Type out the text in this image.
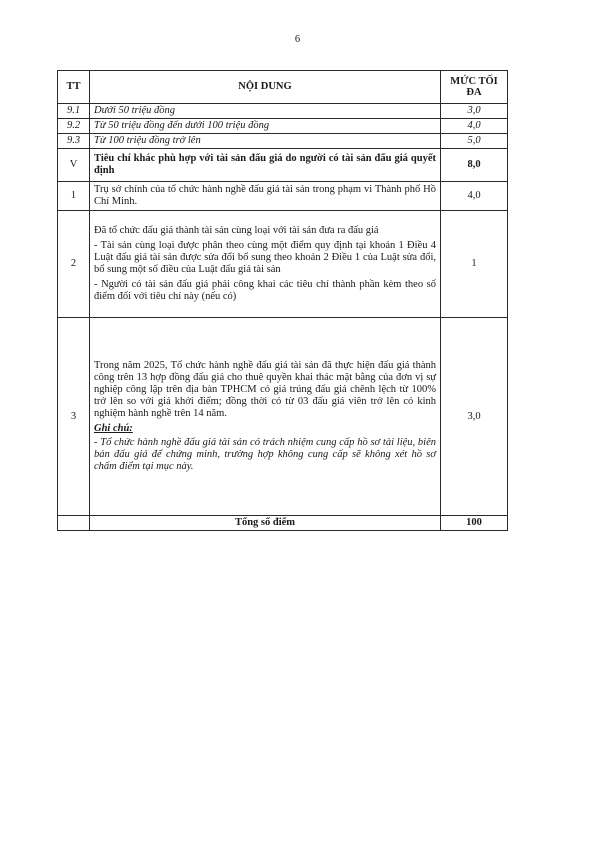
6
TT	NỘI DUNG	MỨC TỐI ĐA
9.1	Dưới 50 triệu đồng	3,0
9.2	Từ 50 triệu đồng đến dưới 100 triệu đồng	4,0
9.3	Từ 100 triệu đồng trở lên	5,0
V	Tiêu chí khác phù hợp với tài sản đấu giá do người có tài sản đấu giá quyết định	8,0
1	Trụ sở chính của tổ chức hành nghề đấu giá tài sản trong phạm vi Thành phố Hồ Chí Minh.	4,0
2	Đã tổ chức đấu giá thành tài sản cùng loại với tài sản đưa ra đấu giá

- Tài sản cùng loại được phân theo cùng một điểm quy định tại khoản 1 Điều 4 Luật đấu giá tài sản được sửa đổi bổ sung theo khoản 2 Điều 1 của Luật sửa đổi, bổ sung một số điều của Luật đấu giá tài sản

- Người có tài sản đấu giá phải công khai các tiêu chí thành phần kèm theo số điểm đối với tiêu chí này (nếu có)	1
3	Trong năm 2025, Tổ chức hành nghề đấu giá tài sản đã thực hiện đấu giá thành công trên 13 hợp đồng đấu giá cho thuê quyền khai thác mặt bằng của đơn vị sự nghiệp công lập trên địa bàn TPHCM có giá trúng đấu giá chênh lệch từ 100% trở lên so với giá khởi điểm; đồng thời có từ 03 đấu giá viên trở lên có kinh nghiệm hành nghề trên 14 năm.

Ghi chú:

- Tổ chức hành nghề đấu giá tài sản có trách nhiệm cung cấp hồ sơ tài liệu, biên bản đấu giá để chứng minh, trường hợp không cung cấp sẽ không xét hồ sơ chấm điểm tại mục này.	3,0
	Tổng số điểm	100
